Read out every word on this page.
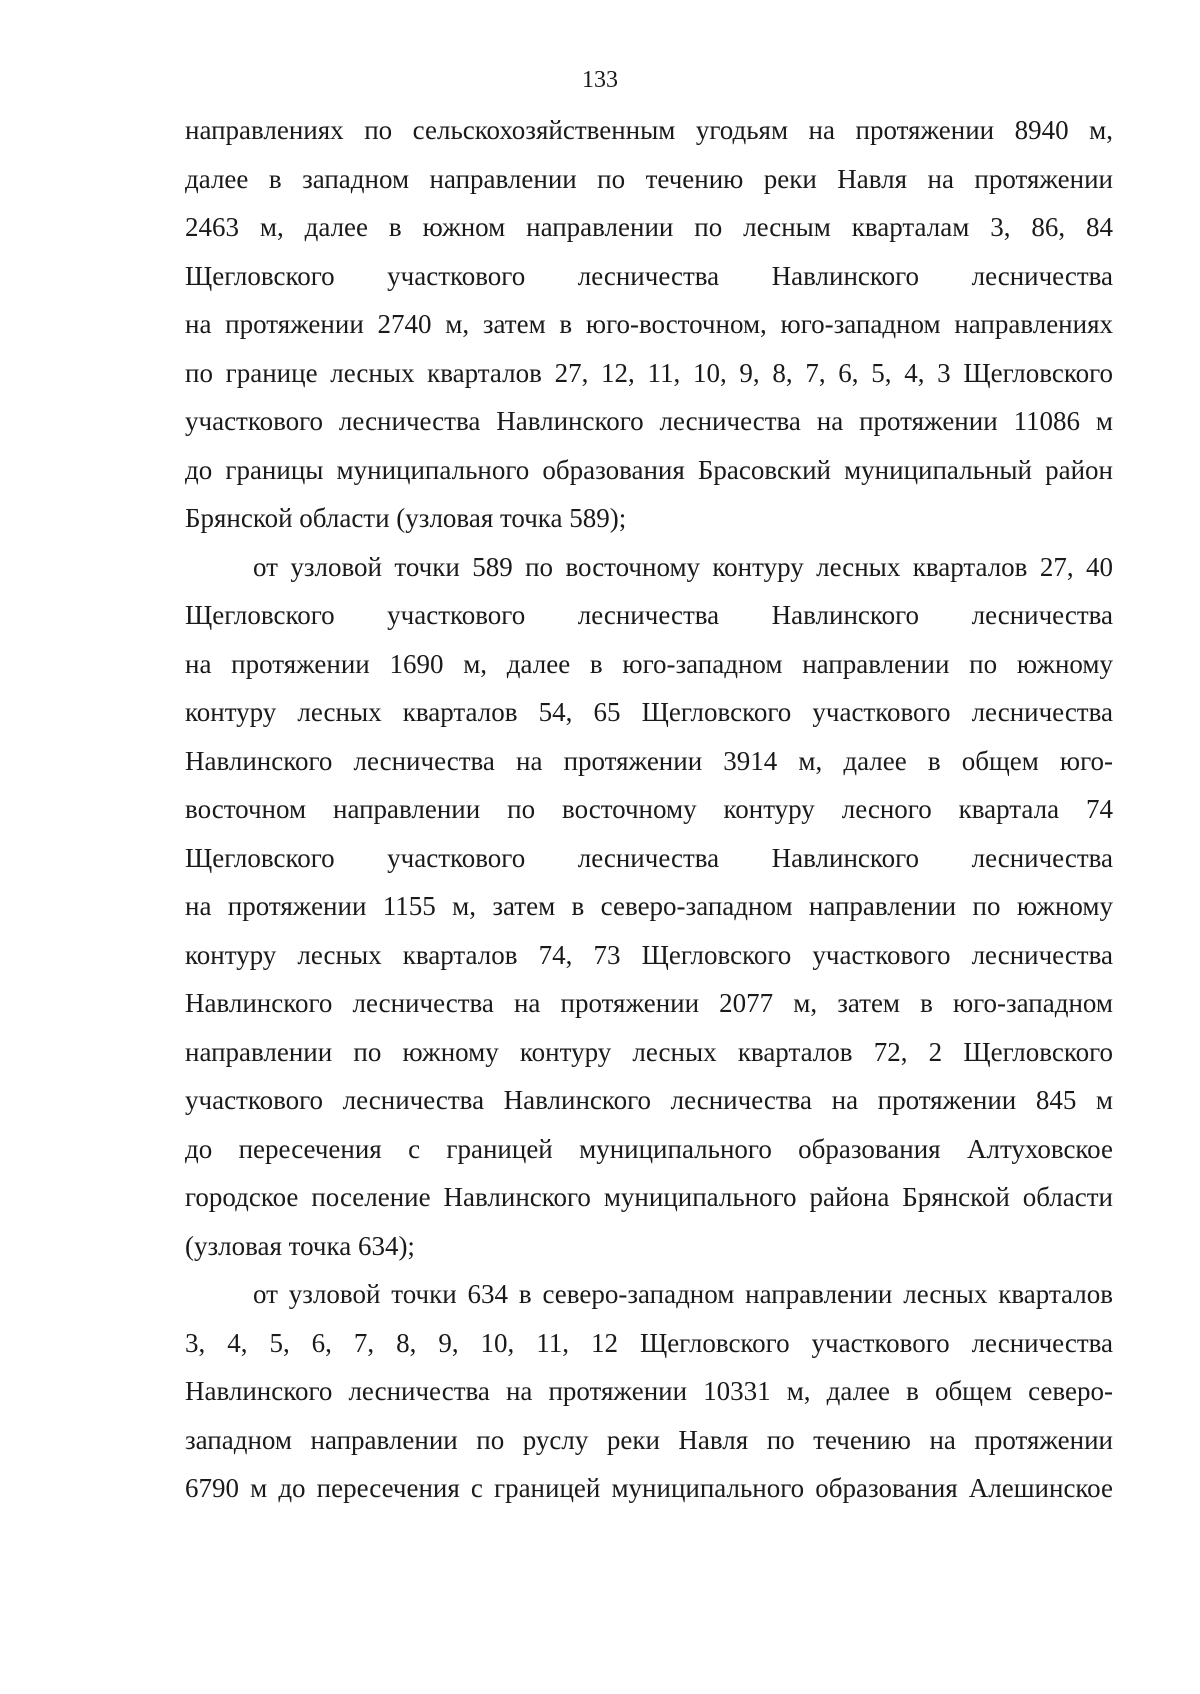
133
направлениях по сельскохозяйственным угодьям на протяжении 8940 м,
далее в западном направлении по течению реки Навля на протяжении
2463 м, далее в южном направлении по лесным кварталам 3, 86, 84
Щегловского участкового лесничества Навлинского лесничества
на протяжении 2740 м, затем в юго-восточном, юго-западном направлениях
по границе лесных кварталов 27, 12, 11, 10, 9, 8, 7, 6, 5, 4, 3 Щегловского
участкового лесничества Навлинского лесничества на протяжении 11086 м
до границы муниципального образования Брасовский муниципальный район
Брянской области (узловая точка 589);
от узловой точки 589 по восточному контуру лесных кварталов 27, 40
Щегловского участкового лесничества Навлинского лесничества
на протяжении 1690 м, далее в юго-западном направлении по южному
контуру лесных кварталов 54, 65 Щегловского участкового лесничества
Навлинского лесничества на протяжении 3914 м, далее в общем юго-
восточном направлении по восточному контуру лесного квартала 74
Щегловского участкового лесничества Навлинского лесничества
на протяжении 1155 м, затем в северо-западном направлении по южному
контуру лесных кварталов 74, 73 Щегловского участкового лесничества
Навлинского лесничества на протяжении 2077 м, затем в юго-западном
направлении по южному контуру лесных кварталов 72, 2 Щегловского
участкового лесничества Навлинского лесничества на протяжении 845 м
до пересечения с границей муниципального образования Алтуховское
городское поселение Навлинского муниципального района Брянской области
(узловая точка 634);
от узловой точки 634 в северо-западном направлении лесных кварталов
3, 4, 5, 6, 7, 8, 9, 10, 11, 12 Щегловского участкового лесничества
Навлинского лесничества на протяжении 10331 м, далее в общем северо-
западном направлении по руслу реки Навля по течению на протяжении
6790 м до пересечения с границей муниципального образования Алешинское
